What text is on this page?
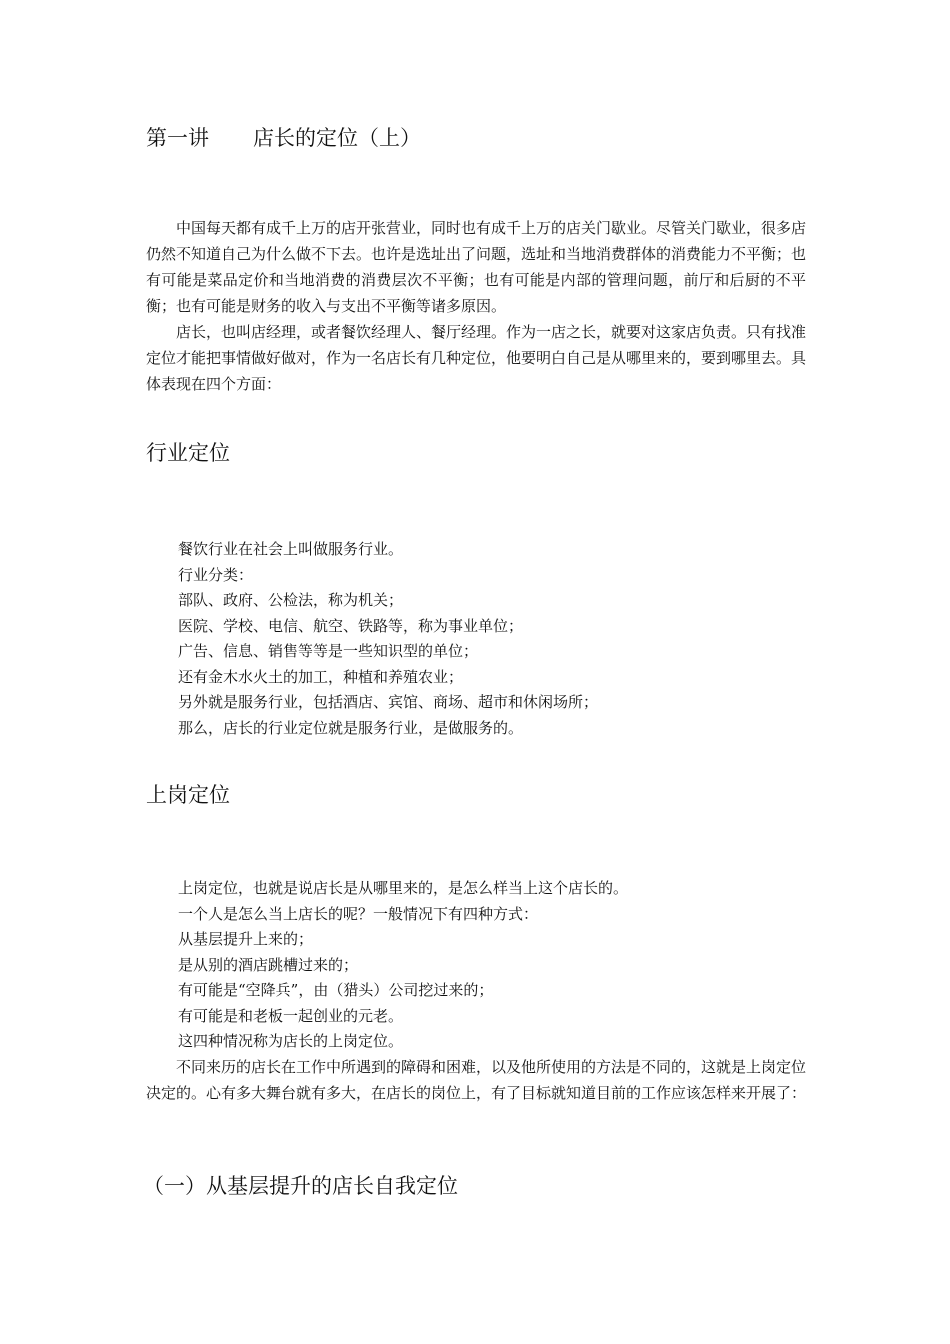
第一讲 店长的定位（上）

中国每天都有成千上万的店开张营业，同时也有成千上万的店关门歇业。尽管关门歇业，很多店仍然不知道自己为什么做不下去。也许是选址出了问题，选址和当地消费群体的消费能力不平衡；也有可能是菜品定价和当地消费的消费层次不平衡；也有可能是内部的管理问题，前厅和后厨的不平衡；也有可能是财务的收入与支出不平衡等诸多原因。

店长，也叫店经理，或者餐饮经理人、餐厅经理。作为一店之长，就要对这家店负责。只有找准定位才能把事情做好做对，作为一名店长有几种定位，他要明白自己是从哪里来的，要到哪里去。具体表现在四个方面：

行业定位
餐饮行业在社会上叫做服务行业。
行业分类：
部队、政府、公检法，称为机关；
医院、学校、电信、航空、铁路等，称为事业单位；
广告、信息、销售等等是一些知识型的单位；
还有金木水火土的加工，种植和养殖农业；
另外就是服务行业，包括酒店、宾馆、商场、超市和休闲场所；
那么，店长的行业定位就是服务行业，是做服务的。
上岗定位
上岗定位，也就是说店长是从哪里来的，是怎么样当上这个店长的。
一个人是怎么当上店长的呢？一般情况下有四种方式：
从基层提升上来的；
是从别的酒店跳槽过来的；
有可能是“空降兵”，由（猎头）公司挖过来的；
有可能是和老板一起创业的元老。
这四种情况称为店长的上岗定位。

不同来历的店长在工作中所遇到的障碍和困难，以及他所使用的方法是不同的，这就是上岗定位决定的。心有多大舞台就有多大，在店长的岗位上，有了目标就知道目前的工作应该怎样来开展了：

（一）从基层提升的店长自我定位
